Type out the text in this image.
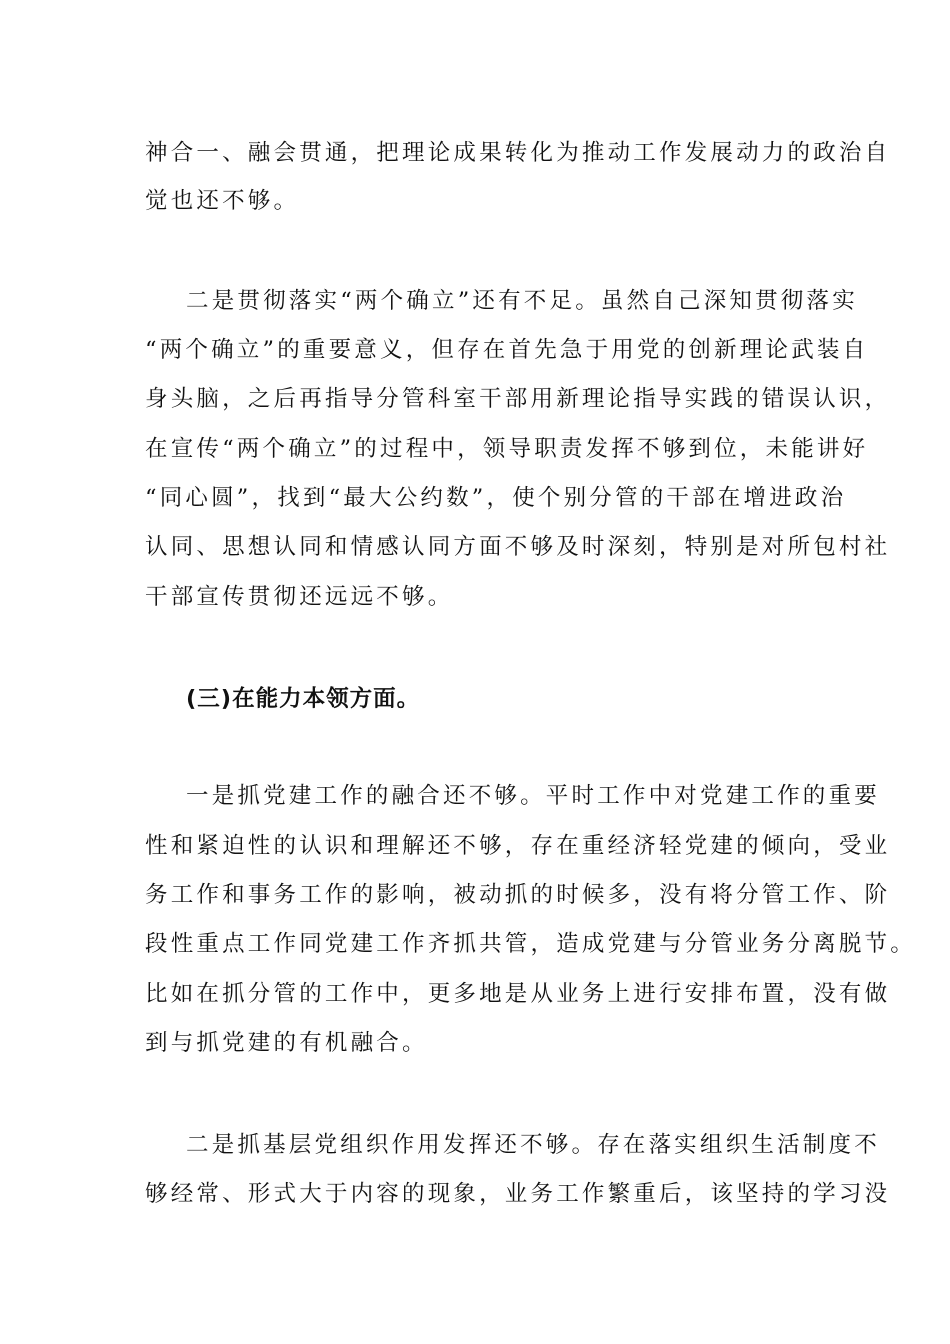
神合一、融会贯通，把理论成果转化为推动工作发展动力的政治自
觉也还不够。
二是贯彻落实“两个确立”还有不足。虽然自己深知贯彻落实
“两个确立”的重要意义，但存在首先急于用党的创新理论武装自
身头脑，之后再指导分管科室干部用新理论指导实践的错误认识，
在宣传“两个确立”的过程中，领导职责发挥不够到位，未能讲好
“同心圆”，找到“最大公约数”，使个别分管的干部在增进政治
认同、思想认同和情感认同方面不够及时深刻，特别是对所包村社
干部宣传贯彻还远远不够。
(三)在能力本领方面。
一是抓党建工作的融合还不够。平时工作中对党建工作的重要
性和紧迫性的认识和理解还不够，存在重经济轻党建的倾向，受业
务工作和事务工作的影响，被动抓的时候多，没有将分管工作、阶
段性重点工作同党建工作齐抓共管，造成党建与分管业务分离脱节。
比如在抓分管的工作中，更多地是从业务上进行安排布置，没有做
到与抓党建的有机融合。
二是抓基层党组织作用发挥还不够。存在落实组织生活制度不
够经常、形式大于内容的现象，业务工作繁重后，该坚持的学习没
